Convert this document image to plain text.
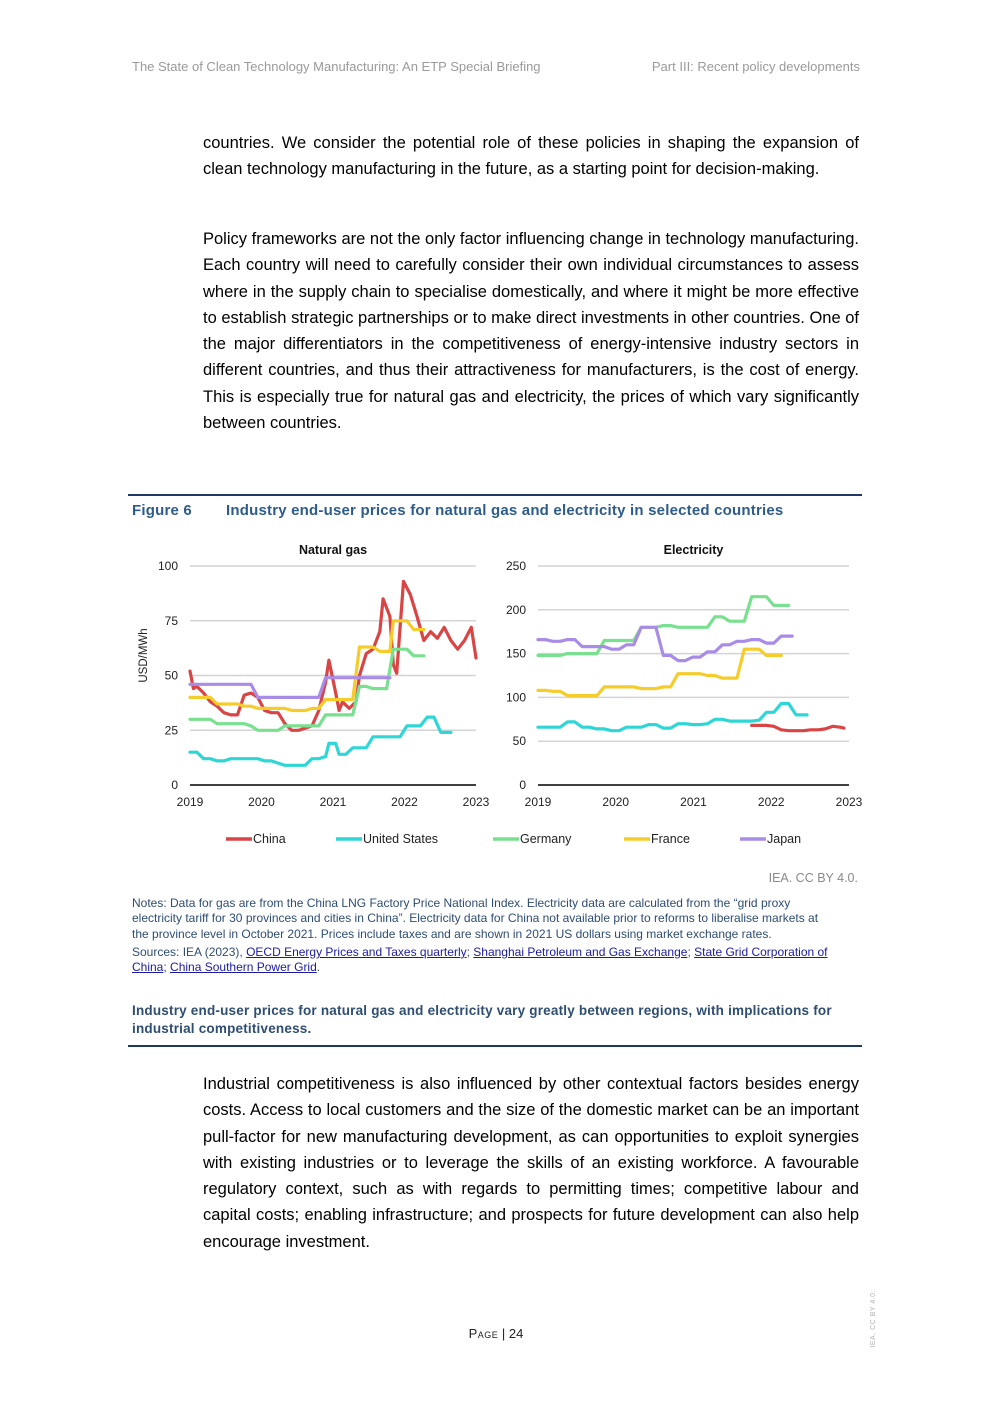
The State of Clean Technology Manufacturing: An ETP Special Briefing	Part III: Recent policy developments

countries. We consider the potential role of these policies in shaping the expansion of clean technology manufacturing in the future, as a starting point for decision-making.

Policy frameworks are not the only factor influencing change in technology manufacturing. Each country will need to carefully consider their own individual circumstances to assess where in the supply chain to specialise domestically, and where it might be more effective to establish strategic partnerships or to make direct investments in other countries. One of the major differentiators in the competitiveness of energy-intensive industry sectors in different countries, and thus their attractiveness for manufacturers, is the cost of energy. This is especially true for natural gas and electricity, the prices of which vary significantly between countries.

Figure 6 Industry end-user prices for natural gas and electricity in selected countries
Natural gas
0
25
50
75
100
2019	2020	2021	2022	2023
USD/MWh
Electricity
0
50
100
150
200
250
2019	2020	2021	2022	2023
China	United States	Germany	France	Japan
IEA. CC BY 4.0.
Notes: Data for gas are from the China LNG Factory Price National Index. Electricity data are calculated from the “grid proxy electricity tariff for 30 provinces and cities in China”. Electricity data for China not available prior to reforms to liberalise markets at the province level in October 2021. Prices include taxes and are shown in 2021 US dollars using market exchange rates.
Sources: IEA (2023), OECD Energy Prices and Taxes quarterly; Shanghai Petroleum and Gas Exchange; State Grid Corporation of China; China Southern Power Grid.
Industry end-user prices for natural gas and electricity vary greatly between regions, with implications for industrial competitiveness.

Industrial competitiveness is also influenced by other contextual factors besides energy costs. Access to local customers and the size of the domestic market can be an important pull-factor for new manufacturing development, as can opportunities to exploit synergies with existing industries or to leverage the skills of an existing workforce. A favourable regulatory context, such as with regards to permitting times; competitive labour and capital costs; enabling infrastructure; and prospects for future development can also help encourage investment.

Page | 24	IEA. CC BY 4.0.
